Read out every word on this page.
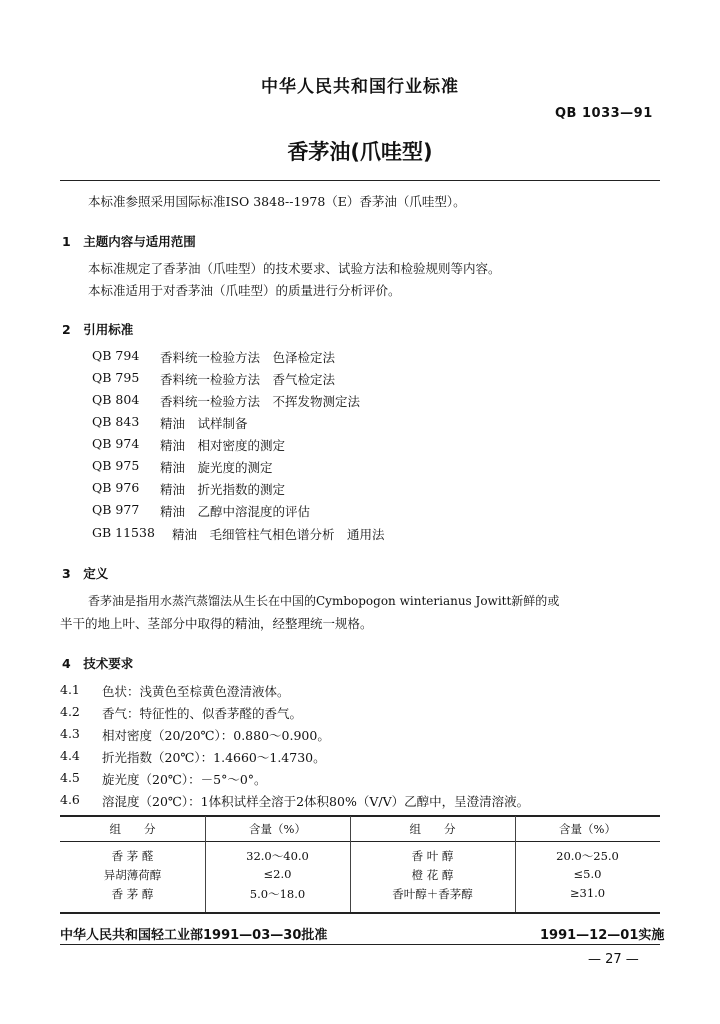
中华人民共和国行业标准
QB 1033—91
香茅油(爪哇型)
本标准参照采用国际标准ISO 3848--1978（E）香茅油（爪哇型）。
1　主题内容与适用范围
本标准规定了香茅油（爪哇型）的技术要求、试验方法和检验规则等内容。
本标准适用于对香茅油（爪哇型）的质量进行分析评价。
2　引用标准
QB 794 香料统一检验方法　色泽检定法
QB 795 香料统一检验方法　香气检定法
QB 804 香料统一检验方法　不挥发物测定法
QB 843 精油　试样制备
QB 974 精油　相对密度的测定
QB 975 精油　旋光度的测定
QB 976 精油　折光指数的测定
QB 977 精油　乙醇中溶混度的评估
GB 11538 精油　毛细管柱气相色谱分析　通用法
3　定义
香茅油是指用水蒸汽蒸馏法从生长在中国的Cymbopogon winterianus Jowitt新鲜的或
半干的地上叶、茎部分中取得的精油，经整理统一规格。
4　技术要求
4.1 色状：浅黄色至棕黄色澄清液体。
4.2 香气：特征性的、似香茅醛的香气。
4.3 相对密度（20/20℃）：0.880～0.900。
4.4 折光指数（20℃）：1.4660～1.4730。
4.5 旋光度（20℃）：－5°～0°。
4.6 溶混度（20℃）：1体积试样全溶于2体积80%（V/V）乙醇中，呈澄清溶液。
组　　分	含量（%）	组　　分	含量（%）
香 茅 醛	32.0～40.0	香 叶 醇	20.0～25.0
异胡薄荷醇	≤2.0	橙 花 醇	≤5.0
香 茅 醇	5.0～18.0	香叶醇＋香茅醇	≥31.0
中华人民共和国轻工业部1991—03—30批准	1991—12—01实施
— 27 —
